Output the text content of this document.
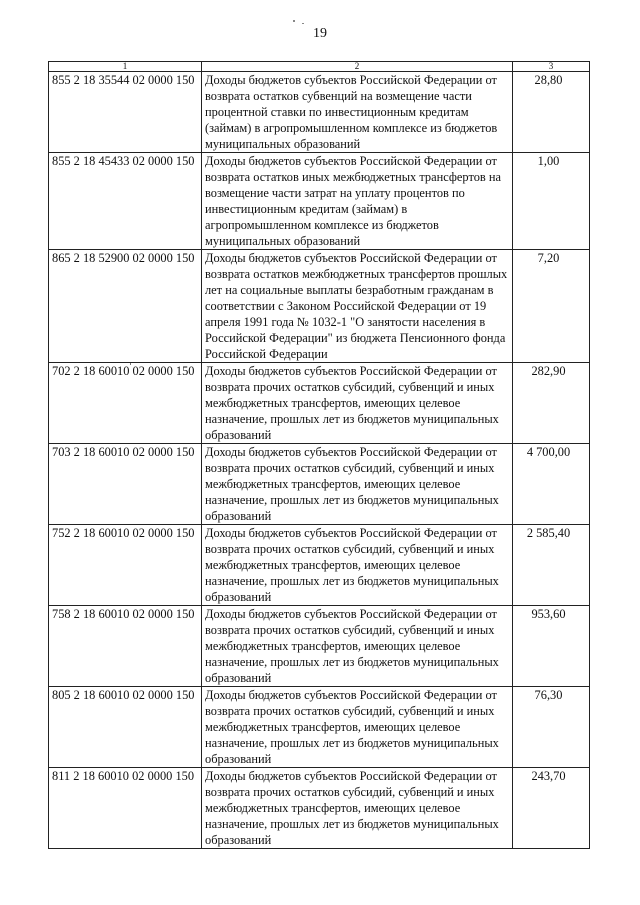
19
1	2	3
855 2 18 35544 02 0000 150	Доходы бюджетов субъектов Российской Федерации от возврата остатков субвенций на возмещение части процентной ставки по инвестиционным кредитам (займам) в агропромышленном комплексе из бюджетов муниципальных образований	28,80
855 2 18 45433 02 0000 150	Доходы бюджетов субъектов Российской Федерации от возврата остатков иных межбюджетных трансфертов на возмещение части затрат на уплату процентов по инвестиционным кредитам (займам) в агропромышленном комплексе из бюджетов муниципальных образований	1,00
865 2 18 52900 02 0000 150	Доходы бюджетов субъектов Российской Федерации от возврата остатков межбюджетных трансфертов прошлых лет на социальные выплаты безработным гражданам в соответствии с Законом Российской Федерации от 19 апреля 1991 года № 1032-1 "О занятости населения в Российской Федерации" из бюджета Пенсионного фонда Российской Федерации	7,20
702 2 18 60010 02 0000 150	Доходы бюджетов субъектов Российской Федерации от возврата прочих остатков субсидий, субвенций и иных межбюджетных трансфертов, имеющих целевое назначение, прошлых лет из бюджетов муниципальных образований	282,90
703 2 18 60010 02 0000 150	Доходы бюджетов субъектов Российской Федерации от возврата прочих остатков субсидий, субвенций и иных межбюджетных трансфертов, имеющих целевое назначение, прошлых лет из бюджетов муниципальных образований	4 700,00
752 2 18 60010 02 0000 150	Доходы бюджетов субъектов Российской Федерации от возврата прочих остатков субсидий, субвенций и иных межбюджетных трансфертов, имеющих целевое назначение, прошлых лет из бюджетов муниципальных образований	2 585,40
758 2 18 60010 02 0000 150	Доходы бюджетов субъектов Российской Федерации от возврата прочих остатков субсидий, субвенций и иных межбюджетных трансфертов, имеющих целевое назначение, прошлых лет из бюджетов муниципальных образований	953,60
805 2 18 60010 02 0000 150	Доходы бюджетов субъектов Российской Федерации от возврата прочих остатков субсидий, субвенций и иных межбюджетных трансфертов, имеющих целевое назначение, прошлых лет из бюджетов муниципальных образований	76,30
811 2 18 60010 02 0000 150	Доходы бюджетов субъектов Российской Федерации от возврата прочих остатков субсидий, субвенций и иных межбюджетных трансфертов, имеющих целевое назначение, прошлых лет из бюджетов муниципальных образований	243,70
